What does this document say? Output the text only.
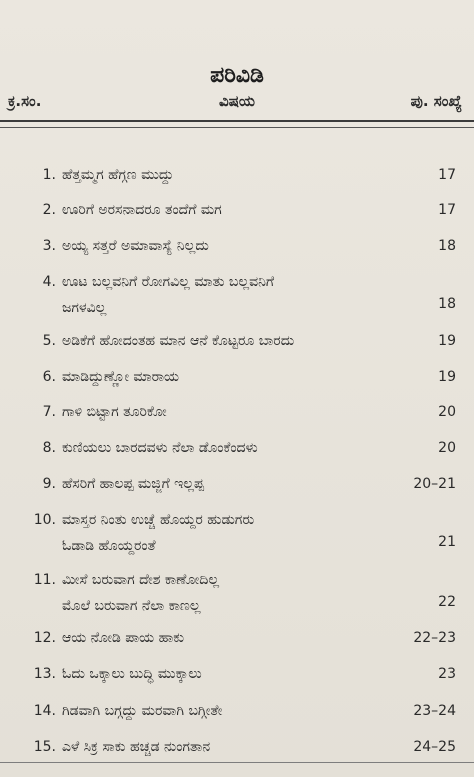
ಪರಿವಿಡಿ
ಕ್ರ.ಸಂ.	ವಿಷಯ	ಪು. ಸಂಖ್ಯೆ
1. ಹೆತ್ತಮ್ಮಗ ಹೆಗ್ಗಣ ಮುದ್ದು	17
2. ಊರಿಗೆ ಅರಸನಾದರೂ ತಂದೆಗೆ ಮಗ	17
3. ಅಯ್ಯ ಸತ್ತರೆ ಅಮಾವಾಸ್ಯೆ ನಿಲ್ಲದು	18
4. ಊಟ ಬಲ್ಲವನಿಗೆ ರೋಗವಿಲ್ಲ ಮಾತು ಬಲ್ಲವನಿಗೆ
ಜಗಳವಿಲ್ಲ	18
5. ಅಡಿಕೆಗೆ ಹೋದಂತಹ ಮಾನ ಆನೆ ಕೊಟ್ಟರೂ ಬಾರದು	19
6. ಮಾಡಿದ್ದುಣ್ಣೋ ಮಾರಾಯ	19
7. ಗಾಳಿ ಬಿಟ್ಟಾಗ ತೂರಿಕೋ	20
8. ಕುಣಿಯಲು ಬಾರದವಳು ನೆಲಾ ಡೊಂಕೆಂದಳು	20
9. ಹೆಸರಿಗೆ ಹಾಲಪ್ಪ ಮಜ್ಜಿಗೆ ಇಲ್ಲಪ್ಪ	20–21
10. ಮಾಸ್ತರ ನಿಂತು ಉಚ್ಚೆ ಹೊಯ್ದರ ಹುಡುಗರು
ಓಡಾಡಿ ಹೊಯ್ದರಂತೆ	21
11. ಮೀಸೆ ಬರುವಾಗ ದೇಶ ಕಾಣೋದಿಲ್ಲ
ಮೊಲೆ ಬರುವಾಗ ನೆಲಾ ಕಾಣಲ್ಲ	22
12. ಆಯ ನೋಡಿ ಪಾಯ ಹಾಕು	22–23
13. ಓದು ಒಕ್ಕಾಲು ಬುದ್ಧಿ ಮುಕ್ಕಾಲು	23
14. ಗಿಡವಾಗಿ ಬಗ್ಗದ್ದು ಮರವಾಗಿ ಬಗ್ಗೀತೇ	23–24
15. ಎಳೆ ಸಿಕ್ರ ಸಾಕು ಹಚ್ಚಡ ನುಂಗತಾನ	24–25
